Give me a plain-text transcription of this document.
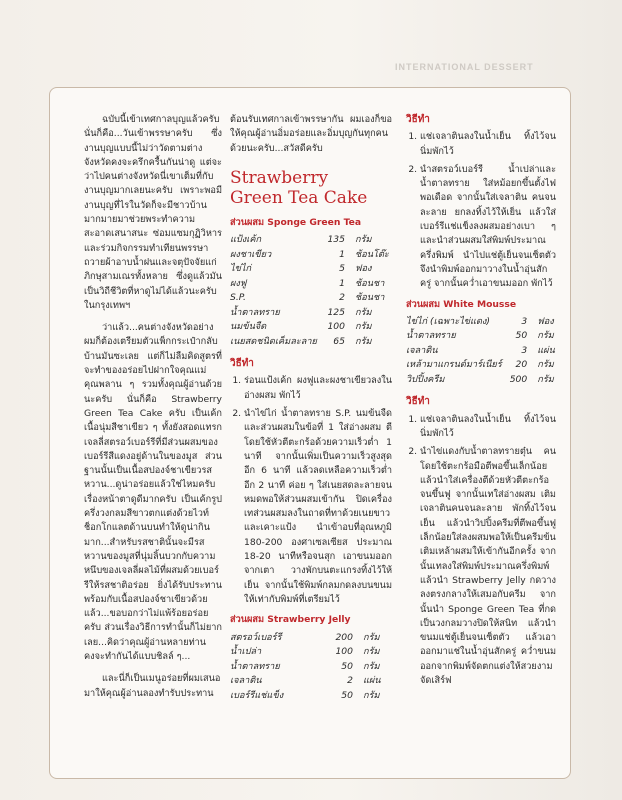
INTERNATIONAL DESSERT

ฉบับนี้เข้าเทศกาลบุญแล้วครับ นั่นก็คือ...วันเข้าพรรษาครับ ซึ่งงานบุญแบบนี้ไม่ว่าวัดตามต่างจังหวัดคงจะครึกครื้นกันน่าดู แต่จะว่าไปคนต่างจังหวัดนี่เขาเต็มที่กับงานบุญมากเลยนะครับ เพราะพอมีงานบุญที่ไรในวัดก็จะมีชาวบ้านมากมายมาช่วยพระทำความสะอาดเสนาสนะ ซ่อมแซมกุฏิวิหาร และร่วมกิจกรรมทำเทียนพรรษาถวายผ้าอาบน้ำฝนและจตุปัจจัยแก่ภิกษุสามเณรทั้งหลาย ซึ่งดูแล้วมันเป็นวิถีชีวิตที่หาดูไม่ได้แล้วนะครับในกรุงเทพฯ

ว่าแล้ว...คนต่างจังหวัดอย่างผมก็ต้องเตรียมตัวแพ็กกระเป๋ากลับบ้านมันซะเลย แต่ก็ไม่ลืมคิดสูตรที่จะทำของอร่อยไปฝากใจคุณแม่ คุณพลาน ๆ รวมทั้งคุณผู้อ่านด้วยนะครับ นั่นก็คือ Strawberry Green Tea Cake ครับ เป็นเค้กเนื้อนุ่มสีชาเขียว ๆ ทั้งยังสอดแทรกเจลลี่สตรอว์เบอร์รีที่มีส่วนผสมของเบอร์รีสีแดงอยู่ด้านในของมูส ส่วนฐานนั้นเป็นเนื้อสปองจ์ชาเขียวรสหวาน...ดูน่าอร่อยแล้วใช่ไหมครับ เรื่องหน้าตาดูดีมากครับ เป็นเค้กรูปครึ่งวงกลมสีขาวตกแต่งด้วยไวท์ช็อกโกแลตด้านบนทำให้ดูน่ากินมาก...สำหรับรสชาตินั้นจะมีรสหวานของมูสที่นุ่มลิ้นบวกกับความหนึบของเจลลี่ผลไม้ที่ผสมด้วยเบอร์รีให้รสชาติอร่อย ยิ่งได้รับประทานพร้อมกับเนื้อสปองจ์ชาเขียวด้วยแล้ว...ขอบอกว่าไม่แพ้ร้อยอร่อยครับ ส่วนเรื่องวิธีการทำนั้นก็ไม่ยากเลย...คิดว่าคุณผู้อ่านหลายท่านคงจะทำกันได้แบบชิลล์ ๆ...

และนี่ก็เป็นเมนูอร่อยที่ผมเสนอมาให้คุณผู้อ่านลองทำรับประทาน

ต้อนรับเทศกาลเข้าพรรษากัน ผมเองก็ขอให้คุณผู้อ่านอิ่มอร่อยและอิ่มบุญกันทุกคนด้วยนะครับ...สวัสดีครับ

Strawberry
Green Tea Cake
ส่วนผสม Sponge Green Tea
แป้งเค้ก	135	กรัม
ผงชาเขียว	1	ช้อนโต๊ะ
ไข่ไก่	5	ฟอง
ผงฟู	1	ช้อนชา
S.P.	2	ช้อนชา
น้ำตาลทราย	125	กรัม
นมข้นจืด	100	กรัม
เนยสดชนิดเค็มละลาย	65	กรัม
วิธีทำ
1. ร่อนแป้งเค้ก ผงฟูและผงชาเขียวลงในอ่างผสม พักไว้
2. นำไข่ไก่ น้ำตาลทราย S.P. นมข้นจืดและส่วนผสมในข้อที่ 1 ใส่อ่างผสม ตีโดยใช้หัวตีตะกร้อด้วยความเร็วต่ำ 1 นาที จากนั้นเพิ่มเป็นความเร็วสูงสุดอีก 6 นาที แล้วลดเหลือความเร็วต่ำอีก 2 นาที ค่อย ๆ ใส่เนยสดละลายจนหมดพอให้ส่วนผสมเข้ากัน ปิดเครื่อง เทส่วนผสมลงในถาดที่ทาด้วยเนยขาวและเคาะแป้ง นำเข้าอบที่อุณหภูมิ 180-200 องศาเซลเซียส ประมาณ 18-20 นาทีหรือจนสุก เอาขนมออกจากเตา วางพักบนตะแกรงทิ้งไว้ให้เย็น จากนั้นใช้พิมพ์กลมกดลงบนขนมให้เท่ากับพิมพ์ที่เตรียมไว้
ส่วนผสม Strawberry Jelly
สตรอว์เบอร์รี	200	กรัม
น้ำเปล่า	100	กรัม
น้ำตาลทราย	50	กรัม
เจลาติน	2	แผ่น
เบอร์รีแช่แข็ง	50	กรัม
วิธีทำ
1. แช่เจลาตินลงในน้ำเย็น ทิ้งไว้จนนิ่มพักไว้
2. นำสตรอว์เบอร์รี น้ำเปล่าและน้ำตาลทราย ใส่หม้อยกขึ้นตั้งไฟพอเดือด จากนั้นใส่เจลาติน คนจนละลาย ยกลงทิ้งไว้ให้เย็น แล้วใส่เบอร์รีแช่แข็งลงผสมอย่างเบา ๆ และนำส่วนผสมใส่พิมพ์ประมาณครึ่งพิมพ์ นำไปแช่ตู้เย็นจนเซ็ตตัว จึงนำพิมพ์ออกมาวางในน้ำอุ่นสักครู่ จากนั้นคว่ำเอาขนมออก พักไว้
ส่วนผสม White Mousse
ไข่ไก่ (เฉพาะไข่แดง)	3	ฟอง
น้ำตาลทราย	50	กรัม
เจลาติน	3	แผ่น
เหล้ามาแกรนด์มาร์เนียร์	20	กรัม
วิปปิ้งครีม	500	กรัม
วิธีทำ
1. แช่เจลาตินลงในน้ำเย็น ทิ้งไว้จนนิ่มพักไว้
2. นำไข่แดงกับน้ำตาลทรายตุ๋น คนโดยใช้ตะกร้อมือตีพอขึ้นเล็กน้อย แล้วนำใส่เครื่องตีด้วยหัวตีตะกร้อจนขึ้นฟู จากนั้นเทใส่อ่างผสม เติมเจลาตินคนจนละลาย พักทิ้งไว้จนเย็น แล้วนำวิปปิ้งครีมที่ตีพอขึ้นฟูเล็กน้อยใส่ลงผสมพอให้เป็นครีมข้น เติมเหล้าผสมให้เข้ากันอีกครั้ง จากนั้นเทลงใส่พิมพ์ประมาณครึ่งพิมพ์ แล้วนำ Strawberry Jelly กดวางลงตรงกลางให้เสมอกับครีม จากนั้นนำ Sponge Green Tea ที่กดเป็นวงกลมวางปิดให้สนิท แล้วนำขนมแช่ตู้เย็นจนเซ็ตตัว แล้วเอาออกมาแช่ในน้ำอุ่นสักครู่ คว่ำขนมออกจากพิมพ์จัดตกแต่งให้สวยงาม จัดเสิร์ฟ
